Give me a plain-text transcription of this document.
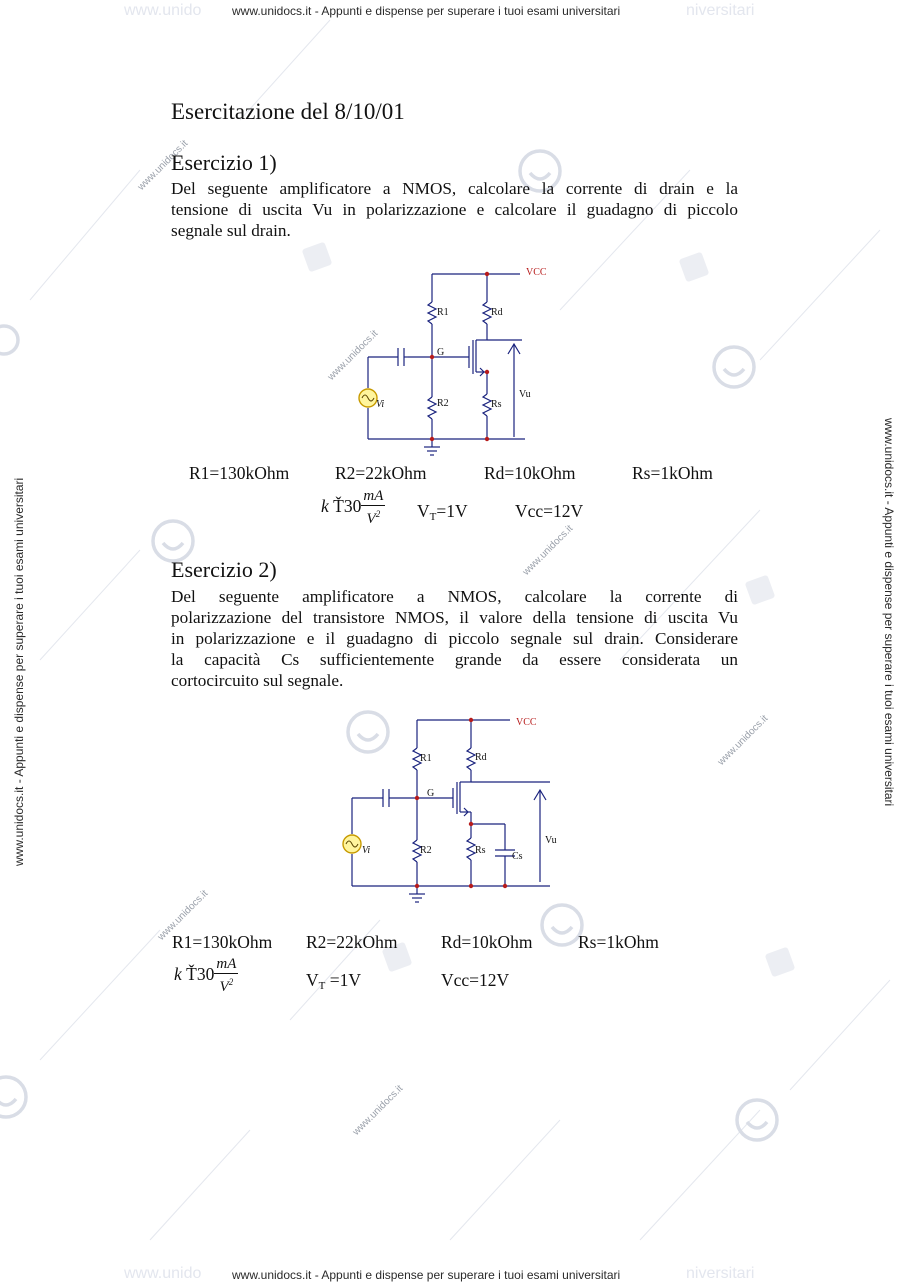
www.unidocs.it
www.unidocs.it
www.unidocs.it
www.unidocs.it
www.unidocs.it
www.unidocs.it
www.unido	www.unidocs.it - Appunti e dispense per superare i tuoi esami universitari	niversitari
www.unido	www.unidocs.it - Appunti e dispense per superare i tuoi esami universitari	niversitari
www.unidocs.it - Appunti e dispense per superare i tuoi esami universitari	www.unidocs.it - Appunti e dispense per superare i tuoi esami universitari
Esercitazione del 8/10/01
Esercizio 1)
Del seguente amplificatore a NMOS, calcolare la corrente di drain e la
tensione di uscita Vu in polarizzazione e calcolare il guadagno di piccolo
segnale sul drain.
VCC
R1	Rd
G
R2	Rs
Vi
Vu
R1=130kOhm	R2=22kOhm	Rd=10kOhm	Rs=1kOhm
k Ť30 $\frac{mA}{V^2} V_T=1V$	Vcc=12V
Esercizio 2)
Del seguente amplificatore a NMOS, calcolare la corrente di
polarizzazione del transistore NMOS, il valore della tensione di uscita Vu
in polarizzazione e il guadagno di piccolo segnale sul drain. Considerare
la capacità Cs sufficientemente grande da essere considerata un
cortocircuito sul segnale.
VCC
R1	Rd
G
R2	Rs
Cs
Vi
Vu
R1=130kOhm R2=22kOhm Rd=10kOhm	Rs=1kOhm
k Ť30 $\frac{mA}{V^2}$	$V_T =1V$	Vcc=12V
